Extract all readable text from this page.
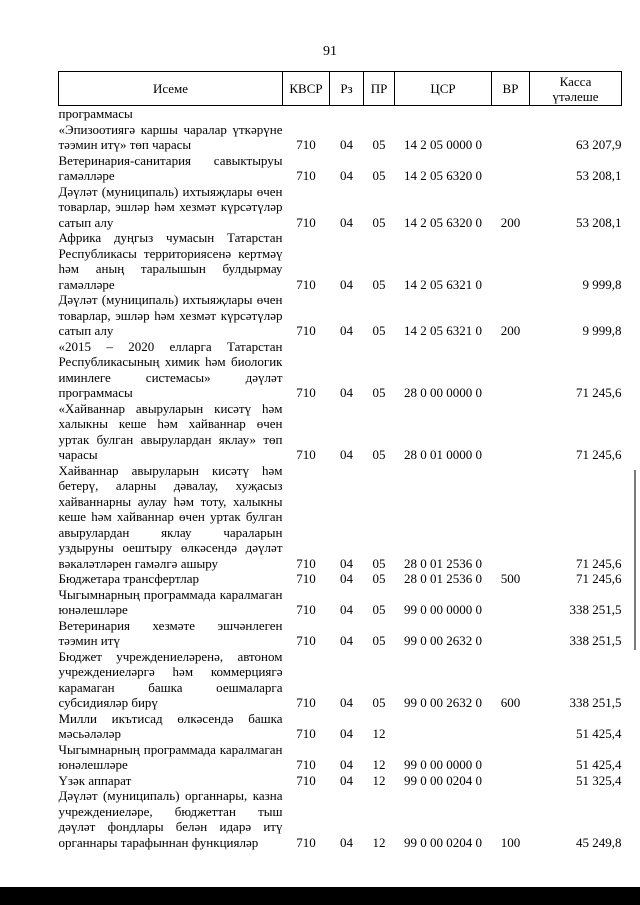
91
Исеме	КВСР	Рз	ПР	ЦСР	ВР	Касса үтәлеше
программасы						
«Эпизоотиягә каршы чаралар үткәрүне тәэмин итү» төп чарасы	710	04	05	14 2 05 0000 0		63 207,9
Ветеринария-санитария савыктыруы гамәлләре	710	04	05	14 2 05 6320 0		53 208,1
Дәүләт (муниципаль) ихтыяҗлары өчен товарлар, эшләр һәм хезмәт күрсәтүләр сатып алу	710	04	05	14 2 05 6320 0	200	53 208,1
Африка дуңгыз чумасын Татарстан Республикасы территориясенә кертмәү һәм аның таралышын булдырмау гамәлләре	710	04	05	14 2 05 6321 0		9 999,8
Дәүләт (муниципаль) ихтыяҗлары өчен товарлар, эшләр һәм хезмәт күрсәтүләр сатып алу	710	04	05	14 2 05 6321 0	200	9 999,8
«2015 – 2020 елларга Татарстан Республикасының химик һәм биологик иминлеге системасы» дәүләт программасы	710	04	05	28 0 00 0000 0		71 245,6
«Хайваннар авыруларын кисәтү һәм халыкны кеше һәм хайваннар өчен уртак булган авырулардан яклау» төп чарасы	710	04	05	28 0 01 0000 0		71 245,6
Хайваннар авыруларын кисәтү һәм бетерү, аларны дәвалау, хуҗасыз хайваннарны аулау һәм тоту, халыкны кеше һәм хайваннар өчен уртак булган авырулардан яклау чараларын уздыруны оештыру өлкәсендә дәүләт вәкаләтләрен гамәлгә ашыру	710	04	05	28 0 01 2536 0		71 245,6
Бюджетара трансфертлар	710	04	05	28 0 01 2536 0	500	71 245,6
Чыгымнарның программада каралмаган юнәлешләре	710	04	05	99 0 00 0000 0		338 251,5
Ветеринария хезмәте эшчәнлеген тәэмин итү	710	04	05	99 0 00 2632 0		338 251,5
Бюджет учреждениеләренә, автоном учреждениеләргә һәм коммерциягә карамаган башка оешмаларга субсидияләр бирү	710	04	05	99 0 00 2632 0	600	338 251,5
Милли икътисад өлкәсендә башка мәсьәләләр	710	04	12			51 425,4
Чыгымнарның программада каралмаган юнәлешләре	710	04	12	99 0 00 0000 0		51 425,4
Үзәк аппарат	710	04	12	99 0 00 0204 0		51 325,4
Дәүләт (муниципаль) органнары, казна учреждениеләре, бюджеттан тыш дәүләт фондлары белән идарә итү органнары тарафыннан функцияләр	710	04	12	99 0 00 0204 0	100	45 249,8
